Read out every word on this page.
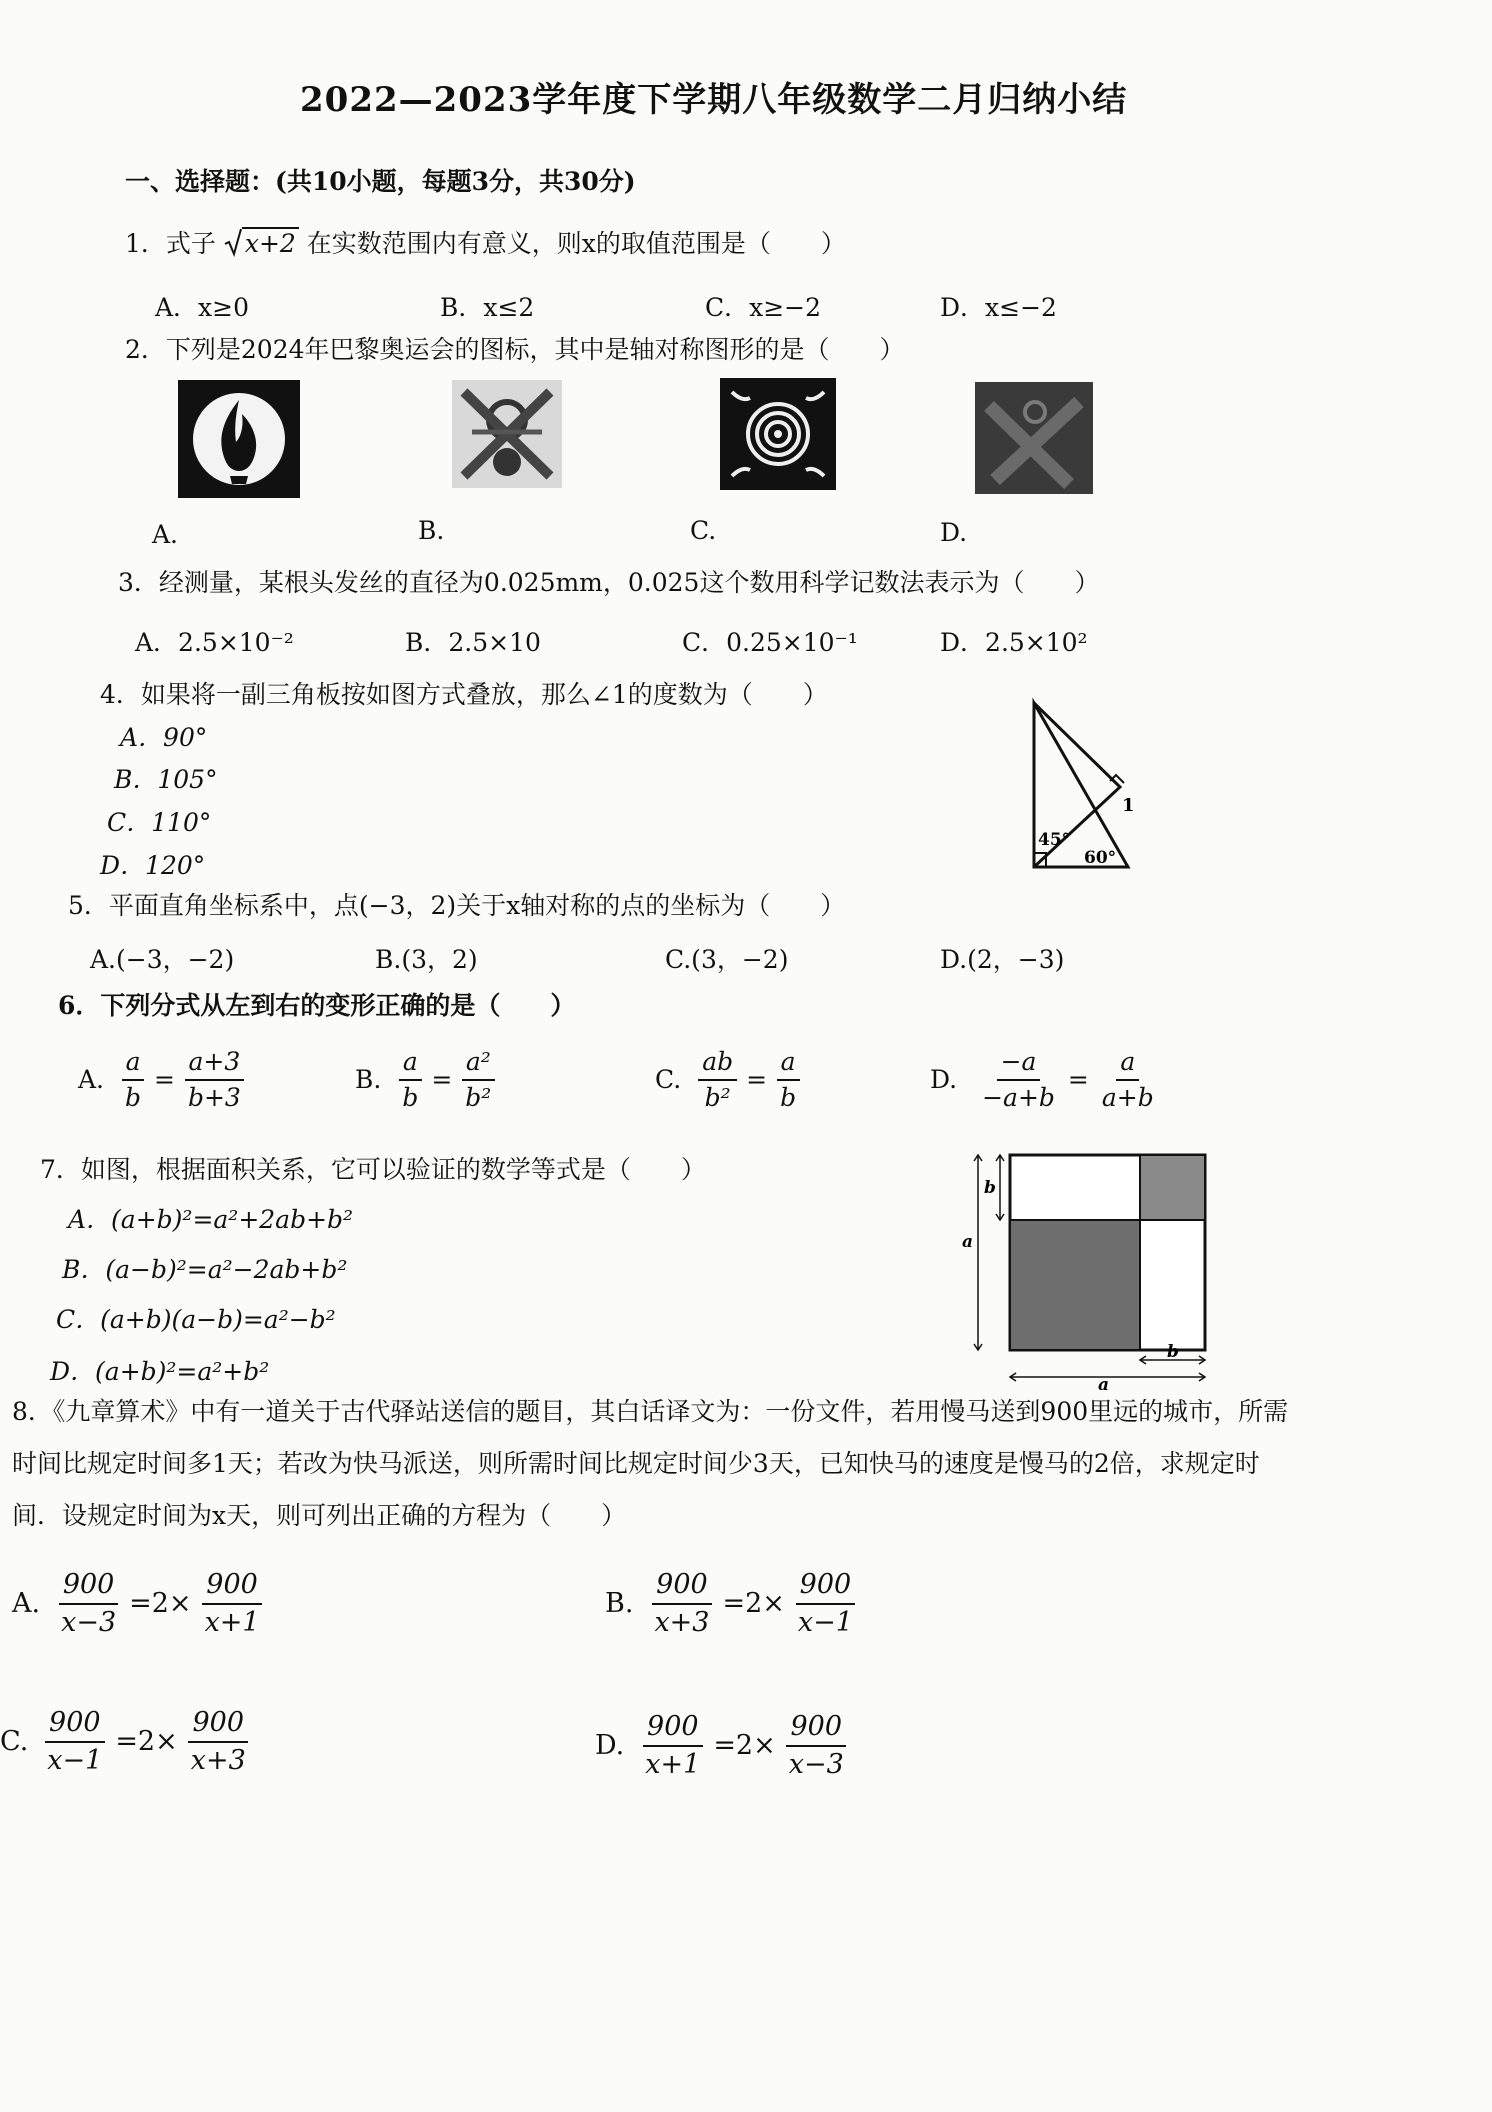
2022—2023学年度下学期八年级数学二月归纳小结
一、选择题：(共10小题，每题3分，共30分)
1．式子 x+2 在实数范围内有意义，则x的取值范围是（　　）
A．x≥0	B．x≤2	C．x≥−2	D．x≤−2
2．下列是2024年巴黎奥运会的图标，其中是轴对称图形的是（　　）
A.	B.	C.	D.
3．经测量，某根头发丝的直径为0.025mm，0.025这个数用科学记数法表示为（　　）
A．2.5×10⁻²	B．2.5×10	C．0.25×10⁻¹	D．2.5×10²
4．如果将一副三角板按如图方式叠放，那么∠1的度数为（　　）
A．90°
B．105°
C．110°
D．120°
45°
60°
1
5．平面直角坐标系中，点(−3，2)关于x轴对称的点的坐标为（　　）
A.(−3，−2)	B.(3，2)	C.(3，−2)	D.(2，−3)
6．下列分式从左到右的变形正确的是（　　）
A. $\frac{a}{b} = \frac{a+3}{b+3}$	B. $\frac{a}{b} = \frac{\text{a²}}{\text{b²}}$	C. $\frac{ab}{\text{b²}} = \frac{a}{b}$	D. $\frac{-a}{-a+b} = \frac{a}{a+b}$
7．如图，根据面积关系，它可以验证的数学等式是（　　）
A．(a+b)²=a²+2ab+b²
B．(a−b)²=a²−2ab+b²
C．(a+b)(a−b)=a²−b²
D．(a+b)²=a²+b²
b
a
b
a
8．《九章算术》中有一道关于古代驿站送信的题目，其白话译文为：一份文件，若用慢马送到900里远的城市，所需时间比规定时间多1天；若改为快马派送，则所需时间比规定时间少3天，已知快马的速度是慢马的2倍，求规定时间．设规定时间为x天，则可列出正确的方程为（　　）
A. $\frac{900}{x-3} =2\times \frac{900}{x+1}$	B. $\frac{900}{x+3} =2\times \frac{900}{x-1}$
C. $\frac{900}{x-1} =2\times \frac{900}{x+3}$	D. $\frac{900}{x+1} =2\times \frac{900}{x-3}$
